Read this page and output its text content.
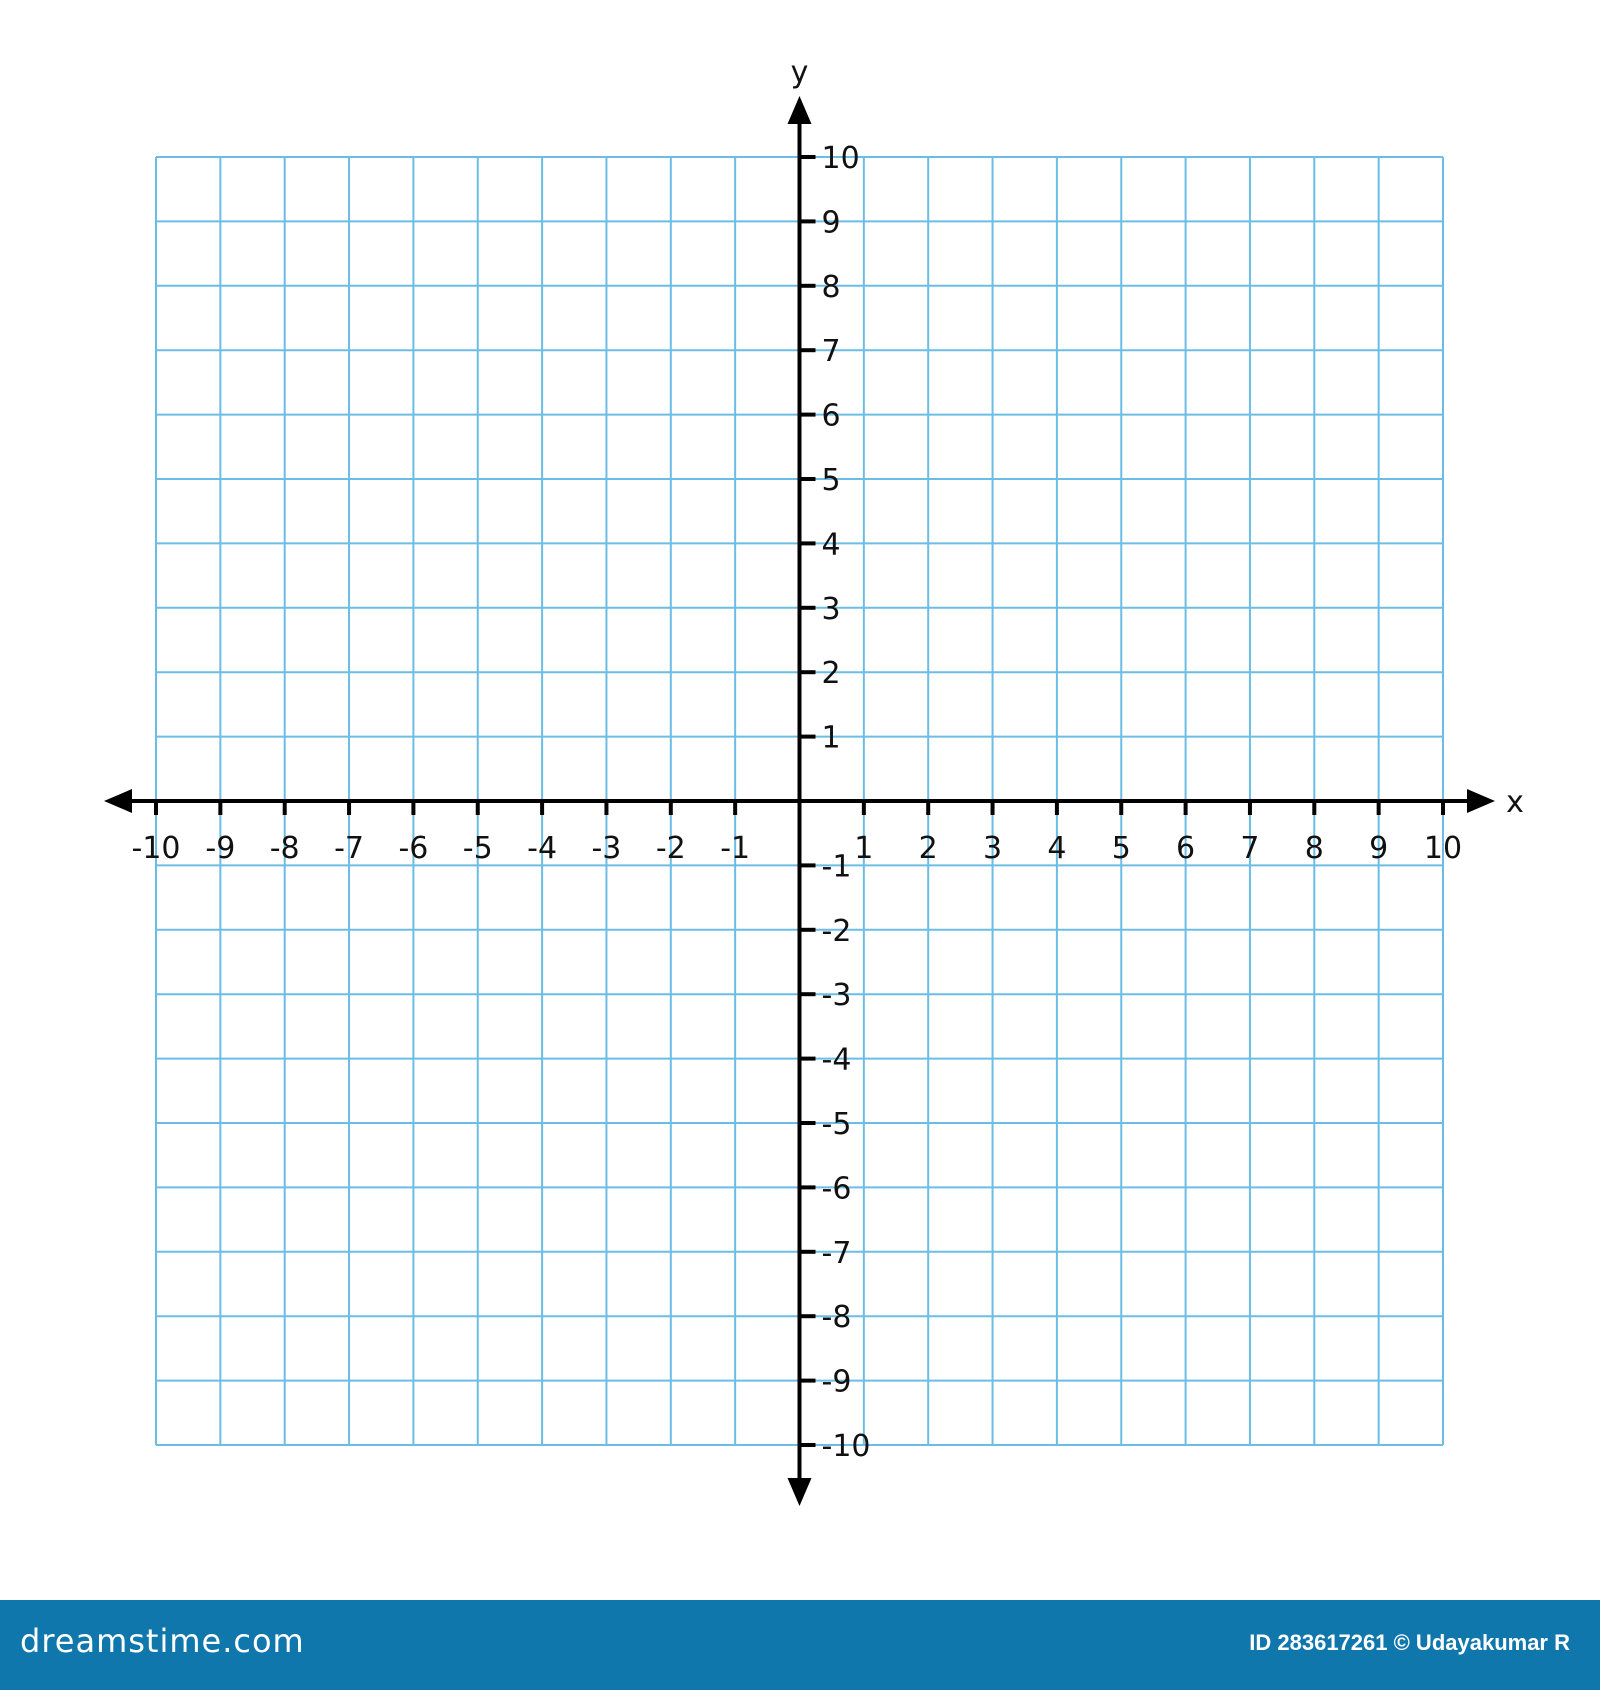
x
y
-10 -9 -8 -7 -6 -5 -4 -3 -2 -1	1 2 3 4 5 6 7 8 9 10
-10
-9
-8
-7
-6
-5
-4
-3
-2
-1
1
2
3
4
5
6
7
8
9
10
dreamstime.com	ID 283617261 © Udayakumar R
